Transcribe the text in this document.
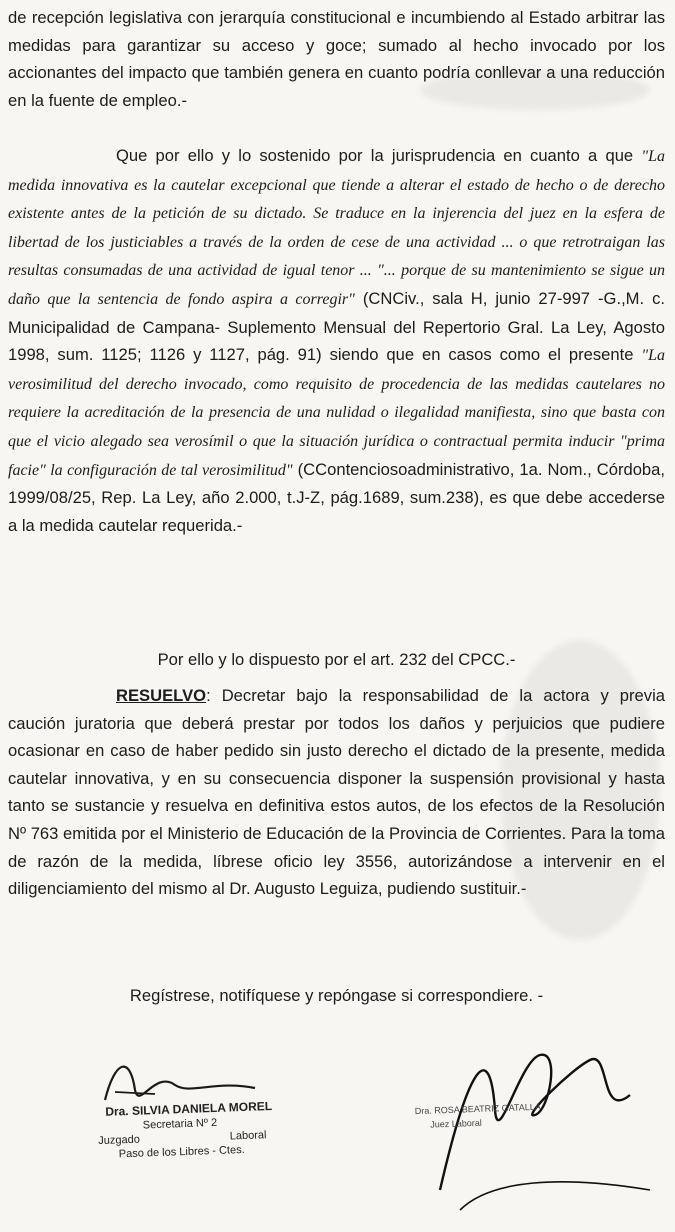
de recepción legislativa con jerarquía constitucional e incumbiendo al Estado arbitrar las medidas para garantizar su acceso y goce; sumado al hecho invocado por los accionantes del impacto que también genera en cuanto podría conllevar a una reducción en la fuente de empleo.-

Que por ello y lo sostenido por la jurisprudencia en cuanto a que "La medida innovativa es la cautelar excepcional que tiende a alterar el estado de hecho o de derecho existente antes de la petición de su dictado. Se traduce en la injerencia del juez en la esfera de libertad de los justiciables a través de la orden de cese de una actividad ... o que retrotraigan las resultas consumadas de una actividad de igual tenor ... "... porque de su mantenimiento se sigue un daño que la sentencia de fondo aspira a corregir" (CNCiv., sala H, junio 27-997 -G.,M. c. Municipalidad de Campana- Suplemento Mensual del Repertorio Gral. La Ley, Agosto 1998, sum. 1125; 1126 y 1127, pág. 91) siendo que en casos como el presente "La verosimilitud del derecho invocado, como requisito de procedencia de las medidas cautelares no requiere la acreditación de la presencia de una nulidad o ilegalidad manifiesta, sino que basta con que el vicio alegado sea verosímil o que la situación jurídica o contractual permita inducir "prima facie" la configuración de tal verosimilitud" (CContenciosoadministrativo, 1a. Nom., Córdoba, 1999/08/25, Rep. La Ley, año 2.000, t.J-Z, pág.1689, sum.238), es que debe accederse a la medida cautelar requerida.-

Por ello y lo dispuesto por el art. 232 del CPCC.-

RESUELVO: Decretar bajo la responsabilidad de la actora y previa caución juratoria que deberá prestar por todos los daños y perjuicios que pudiere ocasionar en caso de haber pedido sin justo derecho el dictado de la presente, medida cautelar innovativa, y en su consecuencia disponer la suspensión provisional y hasta tanto se sustancie y resuelva en definitiva estos autos, de los efectos de la Resolución Nº 763 emitida por el Ministerio de Educación de la Provincia de Corrientes. Para la toma de razón de la medida, líbrese oficio ley 3556, autorizándose a intervenir en el diligenciamiento del mismo al Dr. Augusto Leguiza, pudiendo sustituir.-

Regístrese, notifíquese y repóngase si correspondiere. -

Dra. SILVIA DANIELA MOREL
Secretaria Nº 2
Juzgado	Laboral
Paso de los Libres - Ctes.
Dra. ROSA BEATRIZ GATALLA
Juez Laboral
